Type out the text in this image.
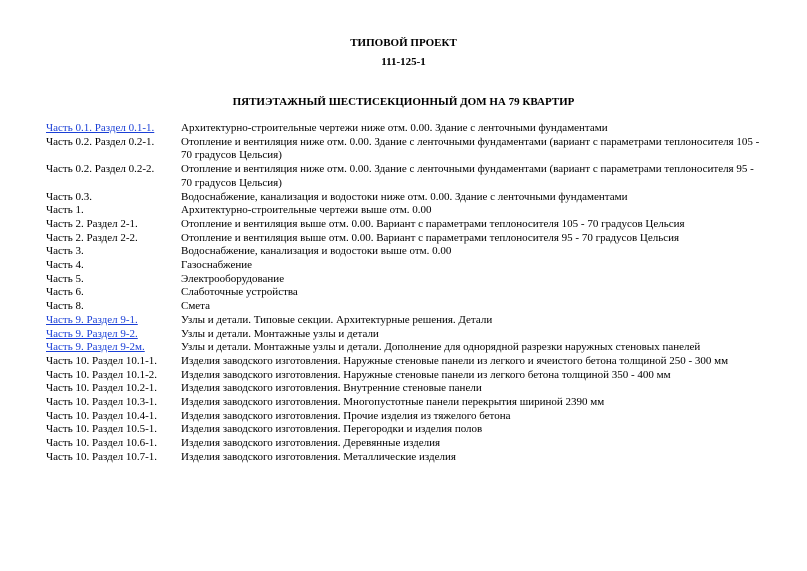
ТИПОВОЙ ПРОЕКТ
111-125-1
ПЯТИЭТАЖНЫЙ ШЕСТИСЕКЦИОННЫЙ ДОМ НА 79 КВАРТИР
Часть 0.1. Раздел 0.1-1.	Архитектурно-строительные чертежи ниже отм. 0.00. Здание с ленточными фундаментами
Часть 0.2. Раздел 0.2-1.	Отопление и вентиляция ниже отм. 0.00. Здание с ленточными фундаментами (вариант с параметрами теплоносителя 105 - 70 градусов Цельсия)
Часть 0.2. Раздел 0.2-2.	Отопление и вентиляция ниже отм. 0.00. Здание с ленточными фундаментами (вариант с параметрами теплоносителя 95 - 70 градусов Цельсия)
Часть 0.3.	Водоснабжение, канализация и водостоки ниже отм. 0.00. Здание с ленточными фундаментами
Часть 1.	Архитектурно-строительные чертежи выше отм. 0.00
Часть 2. Раздел 2-1.	Отопление и вентиляция выше отм. 0.00. Вариант с параметрами теплоносителя 105 - 70 градусов Цельсия
Часть 2. Раздел 2-2.	Отопление и вентиляция выше отм. 0.00. Вариант с параметрами теплоносителя 95 - 70 градусов Цельсия
Часть 3.	Водоснабжение, канализация и водостоки выше отм. 0.00
Часть 4.	Газоснабжение
Часть 5.	Электрооборудование
Часть 6.	Слаботочные устройства
Часть 8.	Смета
Часть 9. Раздел 9-1.	Узлы и детали. Типовые секции. Архитектурные решения. Детали
Часть 9. Раздел 9-2.	Узлы и детали. Монтажные узлы и детали
Часть 9. Раздел 9-2м.	Узлы и детали. Монтажные узлы и детали. Дополнение для однорядной разрезки наружных стеновых панелей
Часть 10. Раздел 10.1-1.	Изделия заводского изготовления. Наружные стеновые панели из легкого и ячеистого бетона толщиной 250 - 300 мм
Часть 10. Раздел 10.1-2.	Изделия заводского изготовления. Наружные стеновые панели из легкого бетона толщиной 350 - 400 мм
Часть 10. Раздел 10.2-1.	Изделия заводского изготовления. Внутренние стеновые панели
Часть 10. Раздел 10.3-1.	Изделия заводского изготовления. Многопустотные панели перекрытия шириной 2390 мм
Часть 10. Раздел 10.4-1.	Изделия заводского изготовления. Прочие изделия из тяжелого бетона
Часть 10. Раздел 10.5-1.	Изделия заводского изготовления. Перегородки и изделия полов
Часть 10. Раздел 10.6-1.	Изделия заводского изготовления. Деревянные изделия
Часть 10. Раздел 10.7-1.	Изделия заводского изготовления. Металлические изделия
